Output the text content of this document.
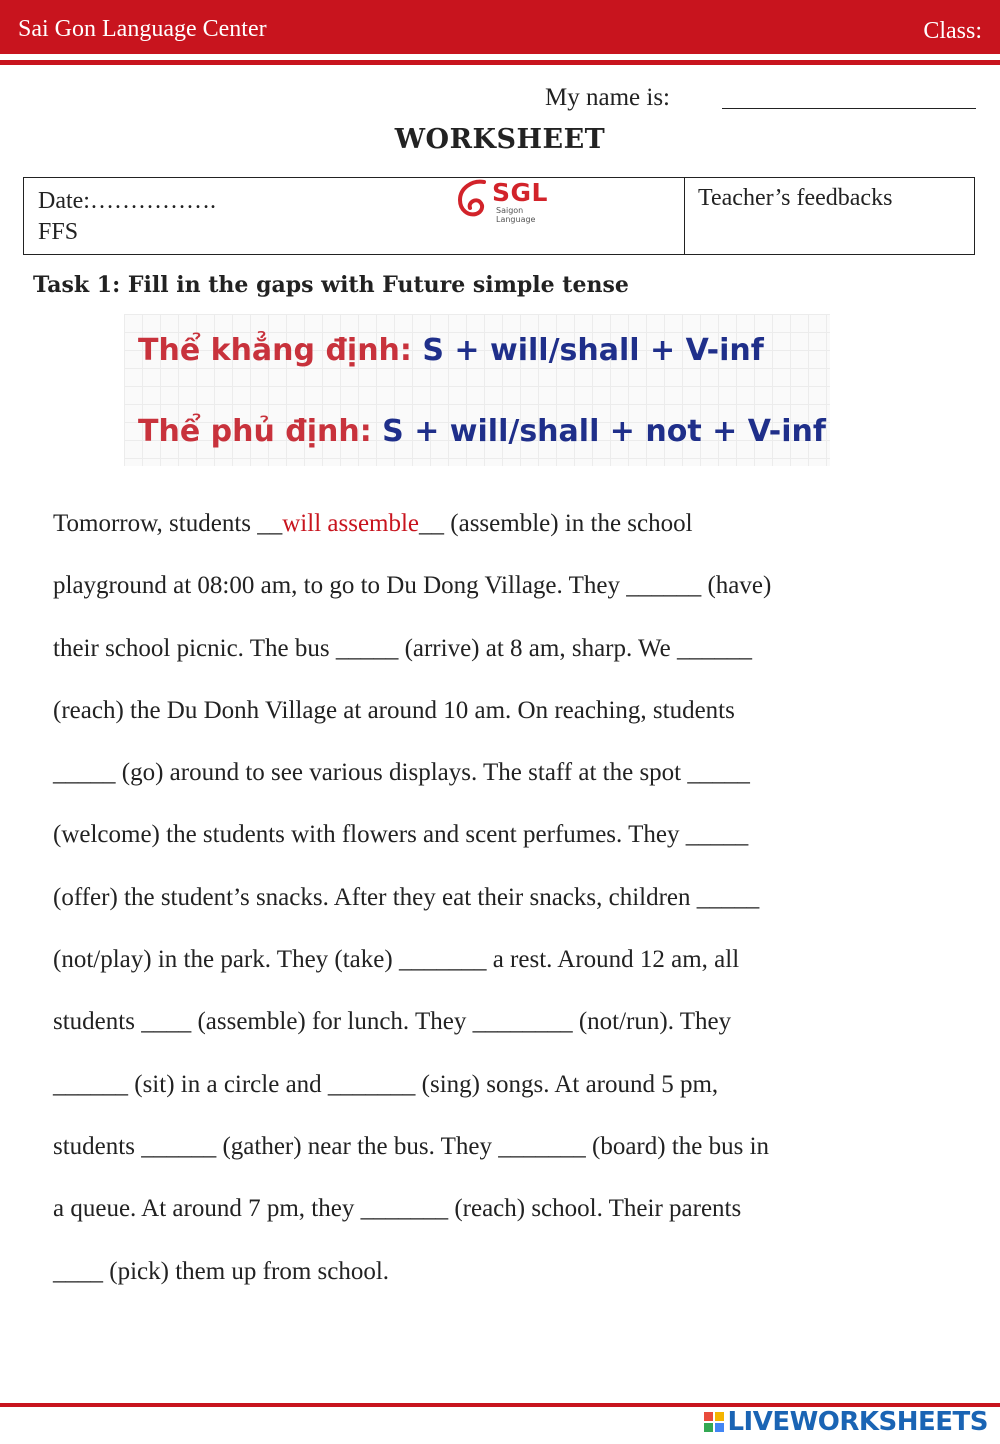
Sai Gon Language Center	Class:
My name is:
WORKSHEET
Date:…………….
FFS
SGL
Saigon Language
Teacher’s feedbacks
Task 1: Fill in the gaps with Future simple tense
Thể khẳng định: S + will/shall + V-inf
Thể phủ định: S + will/shall + not + V-inf
Tomorrow, students __will assemble__ (assemble) in the school
playground at 08:00 am, to go to Du Dong Village. They ______ (have)
their school picnic. The bus _____ (arrive) at 8 am, sharp. We ______
(reach) the Du Donh Village at around 10 am. On reaching, students
_____ (go) around to see various displays. The staff at the spot _____
(welcome) the students with flowers and scent perfumes. They _____
(offer) the student’s snacks. After they eat their snacks, children _____
(not/play) in the park. They (take) _______ a rest. Around 12 am, all
students ____ (assemble) for lunch. They ________ (not/run). They
______ (sit) in a circle and _______ (sing) songs. At around 5 pm,
students ______ (gather) near the bus. They _______ (board) the bus in
a queue. At around 7 pm, they _______ (reach) school. Their parents
____ (pick) them up from school.
LIVEWORKSHEETS
